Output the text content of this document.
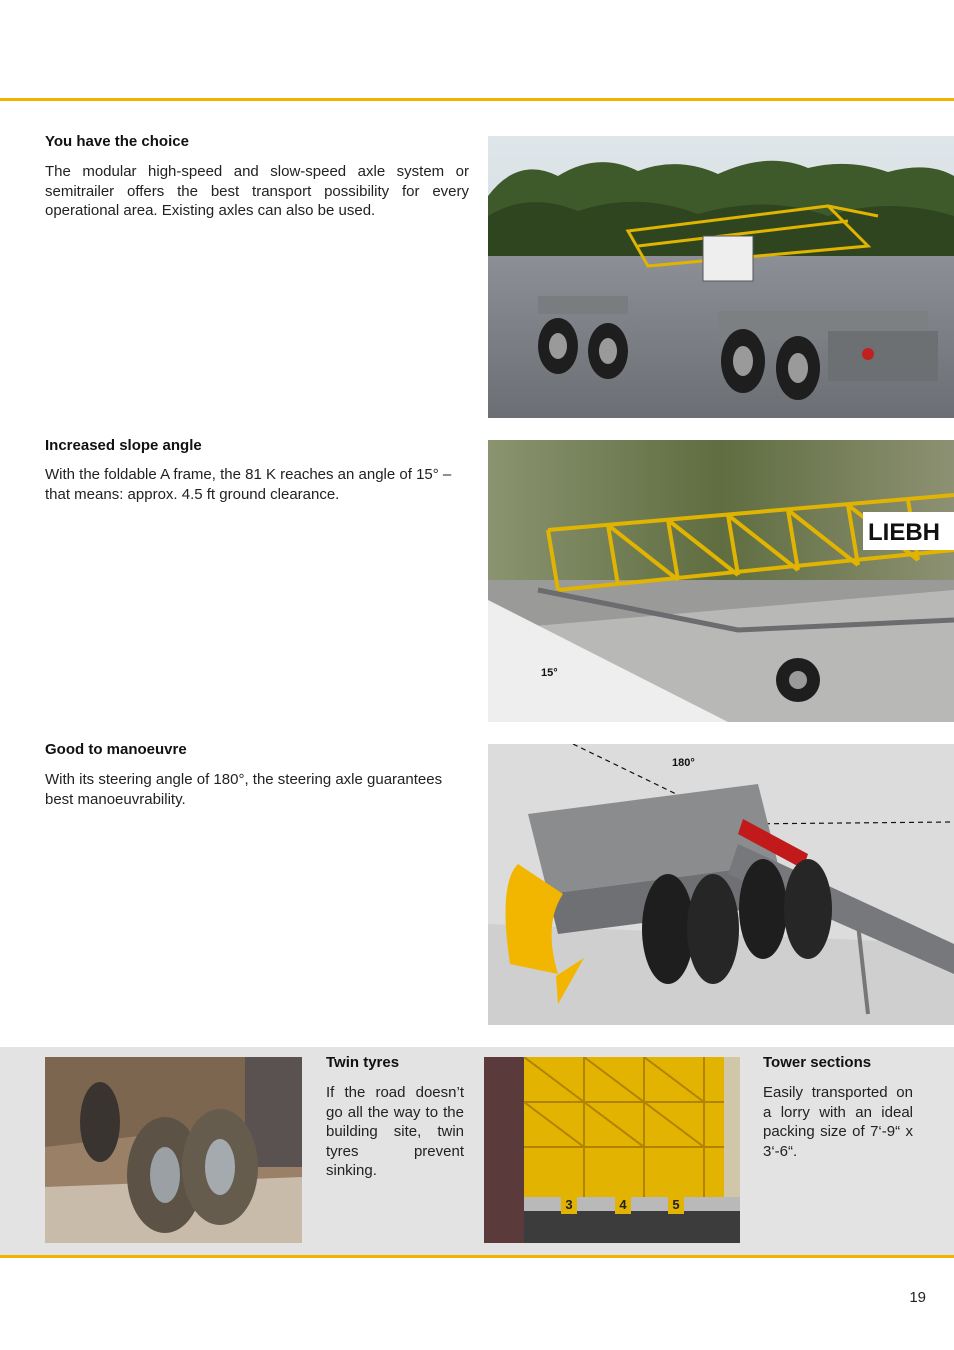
You have the choice
The modular high-speed and slow-speed axle system or semitrailer offers the best transport possibility for every operational area. Existing axles can also be used.
Increased slope angle
With the foldable A frame, the 81 K reaches an angle of 15° – that means: approx. 4.5 ft ground clearance.
LIEBH
15°
Good to manoeuvre
With its steering angle of 180°, the steering axle guarantees best manoeuvrability.
180°
Twin tyres
If the road doesn’t go all the way to the building site, twin tyres prevent sinking.
3	4	5
Tower sections
Easily transported on a lorry with an ideal packing size of 7‘-9“ x 3‘-6“.
19
